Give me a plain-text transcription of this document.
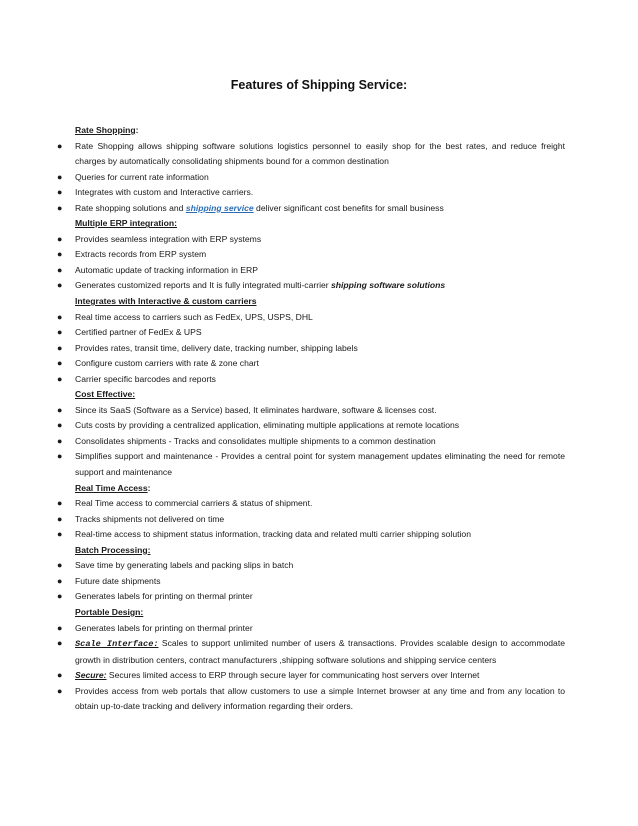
Features of Shipping Service:
Rate Shopping:
● Rate Shopping allows shipping software solutions logistics personnel to easily shop for the best rates, and reduce freight charges by automatically consolidating shipments bound for a common destination
● Queries for current rate information
● Integrates with custom and Interactive carriers.
● Rate shopping solutions and shipping service deliver significant cost benefits for small business
Multiple ERP integration:
● Provides seamless integration with ERP systems
● Extracts records from ERP system
● Automatic update of tracking information in ERP
● Generates customized reports and It is fully integrated multi-carrier shipping software solutions
Integrates with Interactive & custom carriers
● Real time access to carriers such as FedEx, UPS, USPS, DHL
● Certified partner of FedEx & UPS
● Provides rates, transit time, delivery date, tracking number, shipping labels
● Configure custom carriers with rate & zone chart
● Carrier specific barcodes and reports
Cost Effective:
● Since its SaaS (Software as a Service) based, It eliminates hardware, software & licenses cost.
● Cuts costs by providing a centralized application, eliminating multiple applications at remote locations
● Consolidates shipments - Tracks and consolidates multiple shipments to a common destination
● Simplifies support and maintenance - Provides a central point for system management updates eliminating the need for remote support and maintenance
Real Time Access:
● Real Time access to commercial carriers & status of shipment.
● Tracks shipments not delivered on time
● Real-time access to shipment status information, tracking data and related multi carrier shipping solution
Batch Processing:
● Save time by generating labels and packing slips in batch
● Future date shipments
● Generates labels for printing on thermal printer
Portable Design:
● Generates labels for printing on thermal printer
● Scale Interface: Scales to support unlimited number of users & transactions. Provides scalable design to accommodate growth in distribution centers, contract manufacturers ,shipping software solutions and shipping service centers
● Secure: Secures limited access to ERP through secure layer for communicating host servers over Internet
● Provides access from web portals that allow customers to use a simple Internet browser at any time and from any location to obtain up-to-date tracking and delivery information regarding their orders.
